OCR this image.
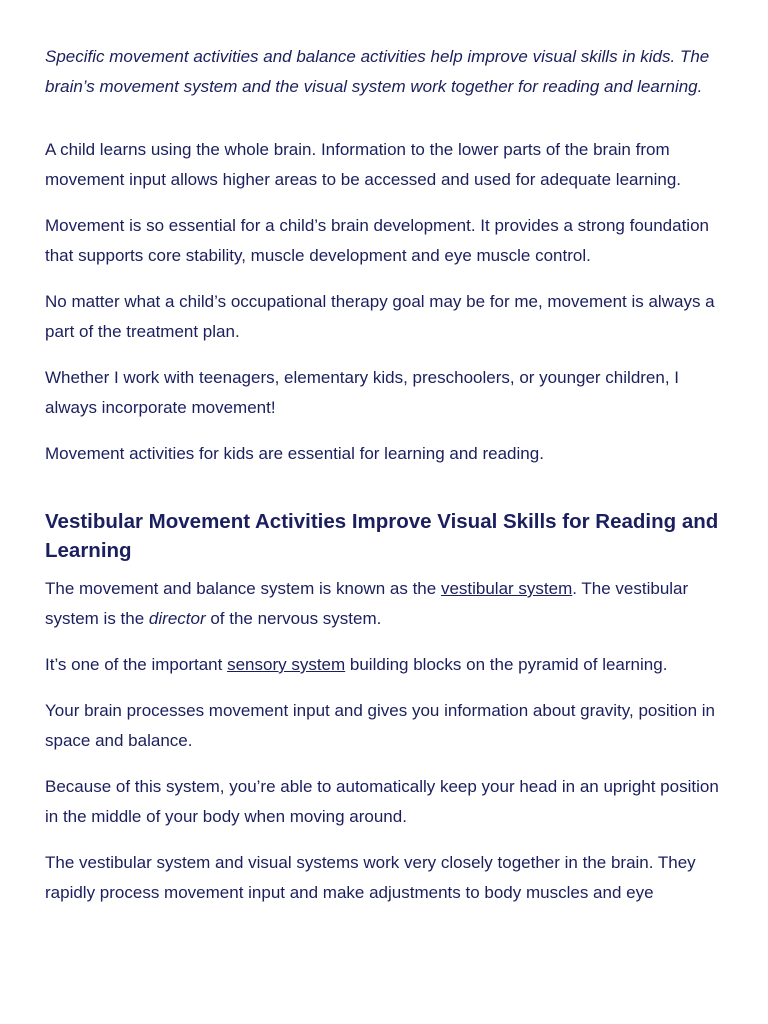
Specific movement activities and balance activities help improve visual skills in kids. The brain’s movement system and the visual system work together for reading and learning.

A child learns using the whole brain. Information to the lower parts of the brain from movement input allows higher areas to be accessed and used for adequate learning.

Movement is so essential for a child’s brain development. It provides a strong foundation that supports core stability, muscle development and eye muscle control.

No matter what a child’s occupational therapy goal may be for me, movement is always a part of the treatment plan.

Whether I work with teenagers, elementary kids, preschoolers, or younger children, I always incorporate movement!

Movement activities for kids are essential for learning and reading.

Vestibular Movement Activities Improve Visual Skills for Reading and Learning

The movement and balance system is known as the vestibular system. The vestibular system is the director of the nervous system.

It’s one of the important sensory system building blocks on the pyramid of learning.

Your brain processes movement input and gives you information about gravity, position in space and balance.

Because of this system, you’re able to automatically keep your head in an upright position in the middle of your body when moving around.

The vestibular system and visual systems work very closely together in the brain. They rapidly process movement input and make adjustments to body muscles and eye
